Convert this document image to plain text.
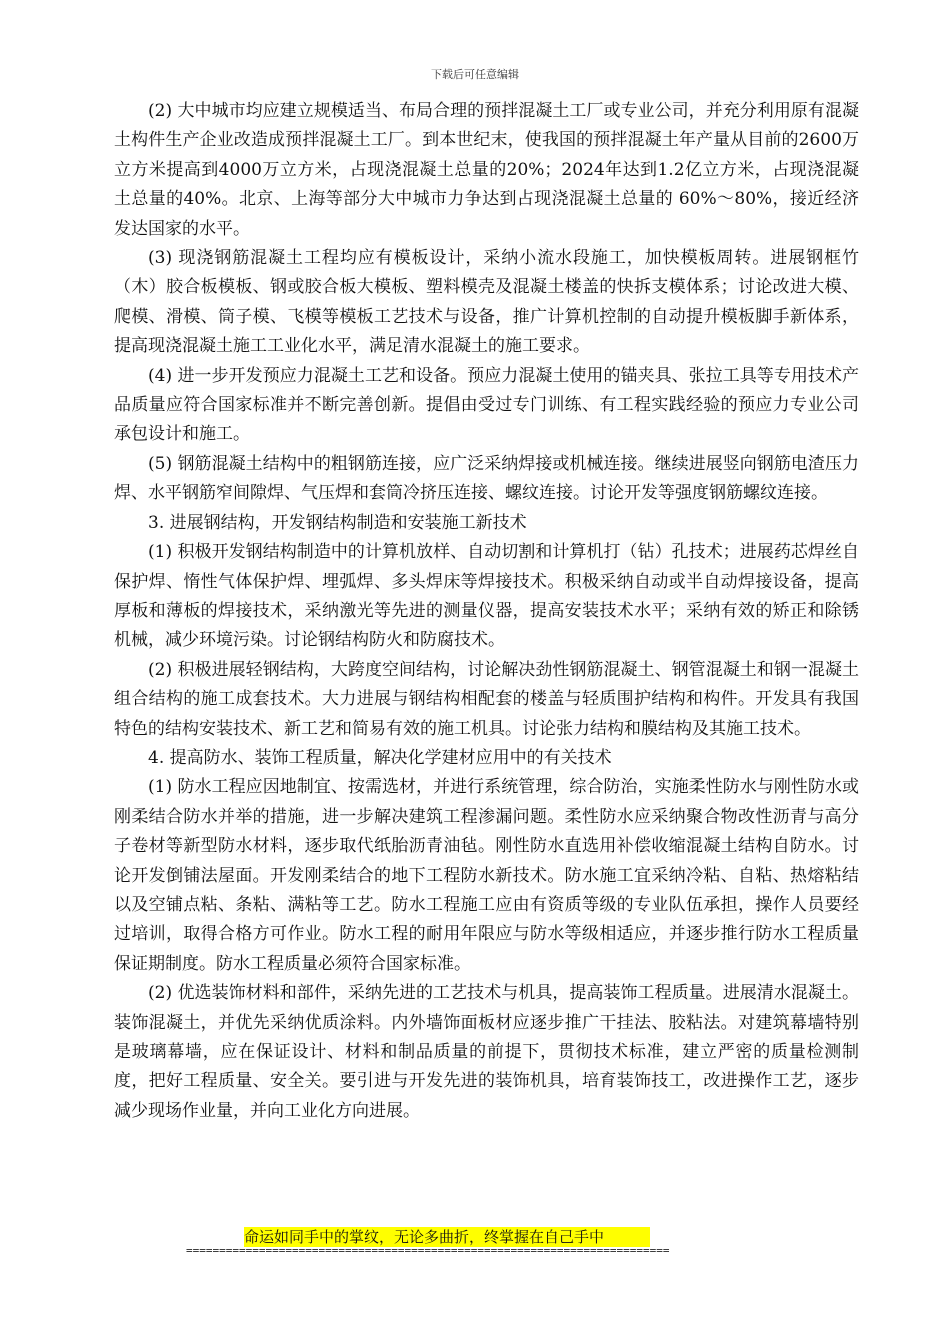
下载后可任意编辑

(2) 大中城市均应建立规模适当、布局合理的预拌混凝土工厂或专业公司，并充分利用原有混凝土构件生产企业改造成预拌混凝土工厂。到本世纪末，使我国的预拌混凝土年产量从目前的2600万立方米提高到4000万立方米，占现浇混凝土总量的20%；2024年达到1.2亿立方米，占现浇混凝土总量的40%。北京、上海等部分大中城市力争达到占现浇混凝土总量的 60%～80%，接近经济发达国家的水平。

(3) 现浇钢筋混凝土工程均应有模板设计，采纳小流水段施工，加快模板周转。进展钢框竹（木）胶合板模板、钢或胶合板大模板、塑料模壳及混凝土楼盖的快拆支模体系；讨论改进大模、爬模、滑模、筒子模、飞模等模板工艺技术与设备，推广计算机控制的自动提升模板脚手新体系，提高现浇混凝土施工工业化水平，满足清水混凝土的施工要求。

(4) 进一步开发预应力混凝土工艺和设备。预应力混凝土使用的锚夹具、张拉工具等专用技术产品质量应符合国家标准并不断完善创新。提倡由受过专门训练、有工程实践经验的预应力专业公司承包设计和施工。

(5) 钢筋混凝土结构中的粗钢筋连接，应广泛采纳焊接或机械连接。继续进展竖向钢筋电渣压力焊、水平钢筋窄间隙焊、气压焊和套筒冷挤压连接、螺纹连接。讨论开发等强度钢筋螺纹连接。

3. 进展钢结构，开发钢结构制造和安装施工新技术

(1) 积极开发钢结构制造中的计算机放样、自动切割和计算机打（钻）孔技术；进展药芯焊丝自保护焊、惰性气体保护焊、埋弧焊、多头焊床等焊接技术。积极采纳自动或半自动焊接设备，提高厚板和薄板的焊接技术，采纳激光等先进的测量仪器，提高安装技术水平；采纳有效的矫正和除锈机械，减少环境污染。讨论钢结构防火和防腐技术。

(2) 积极进展轻钢结构，大跨度空间结构，讨论解决劲性钢筋混凝土、钢管混凝土和钢一混凝土组合结构的施工成套技术。大力进展与钢结构相配套的楼盖与轻质围护结构和构件。开发具有我国特色的结构安装技术、新工艺和简易有效的施工机具。讨论张力结构和膜结构及其施工技术。

4. 提高防水、装饰工程质量，解决化学建材应用中的有关技术

(1) 防水工程应因地制宜、按需选材，并进行系统管理，综合防治，实施柔性防水与刚性防水或刚柔结合防水并举的措施，进一步解决建筑工程渗漏问题。柔性防水应采纳聚合物改性沥青与高分子卷材等新型防水材料，逐步取代纸胎沥青油毡。刚性防水直选用补偿收缩混凝土结构自防水。讨论开发倒铺法屋面。开发刚柔结合的地下工程防水新技术。防水施工宜采纳冷粘、自粘、热熔粘结以及空铺点粘、条粘、满粘等工艺。防水工程施工应由有资质等级的专业队伍承担，操作人员要经过培训，取得合格方可作业。防水工程的耐用年限应与防水等级相适应，并逐步推行防水工程质量保证期制度。防水工程质量必须符合国家标准。

(2) 优选装饰材料和部件，采纳先进的工艺技术与机具，提高装饰工程质量。进展清水混凝土。装饰混凝土，并优先采纳优质涂料。内外墙饰面板材应逐步推广干挂法、胶粘法。对建筑幕墙特别是玻璃幕墙，应在保证设计、材料和制品质量的前提下，贯彻技术标准，建立严密的质量检测制度，把好工程质量、安全关。要引进与开发先进的装饰机具，培育装饰技工，改进操作工艺，逐步减少现场作业量，并向工业化方向进展。

命运如同手中的掌纹，无论多曲折，终掌握在自己手中
=========================================================================
